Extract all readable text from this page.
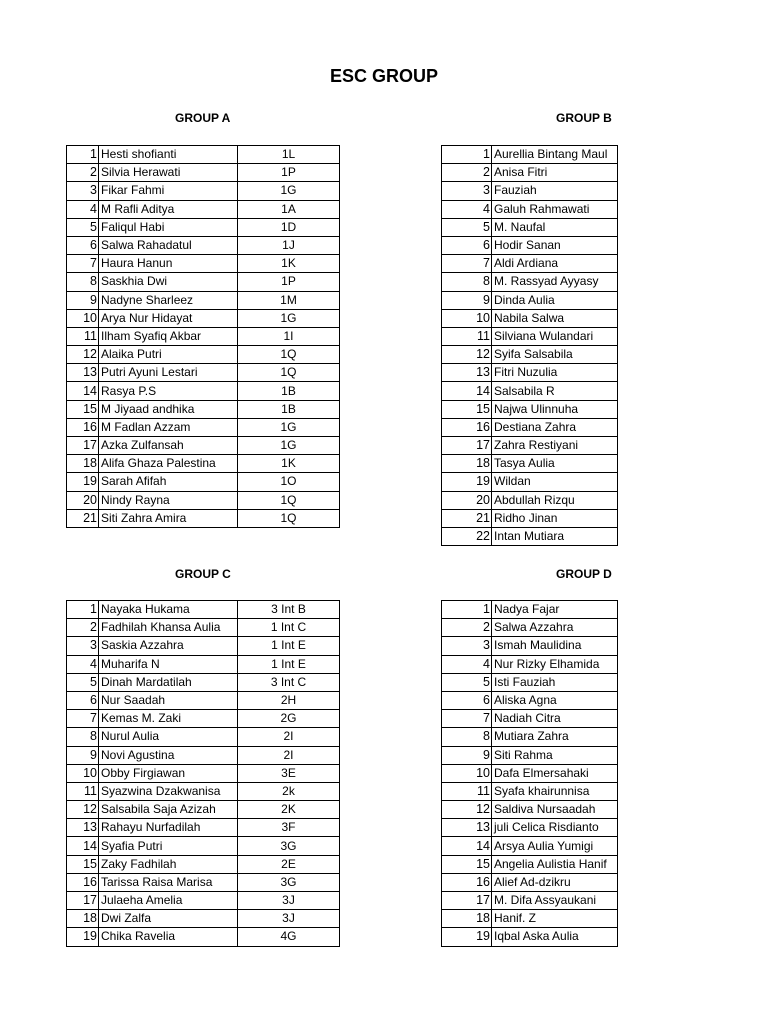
ESC GROUP
GROUP A	GROUP B
GROUP C	GROUP D
1	Hesti shofianti	1L
2	Silvia Herawati	1P
3	Fikar Fahmi	1G
4	M Rafli Aditya	1A
5	Faliqul Habi	1D
6	Salwa Rahadatul	1J
7	Haura Hanun	1K
8	Saskhia Dwi	1P
9	Nadyne Sharleez	1M
10	Arya Nur Hidayat	1G
11	Ilham Syafiq Akbar	1I
12	Alaika Putri	1Q
13	Putri Ayuni Lestari	1Q
14	Rasya P.S	1B
15	M Jiyaad andhika	1B
16	M Fadlan Azzam	1G
17	Azka Zulfansah	1G
18	Alifa Ghaza Palestina	1K
19	Sarah Afifah	1O
20	Nindy Rayna	1Q
21	Siti Zahra Amira	1Q

1	Aurellia Bintang Maul
2	Anisa Fitri
3	Fauziah
4	Galuh Rahmawati
5	M. Naufal
6	Hodir Sanan
7	Aldi Ardiana
8	M. Rassyad Ayyasy
9	Dinda Aulia
10	Nabila Salwa
11	Silviana Wulandari
12	Syifa Salsabila
13	Fitri Nuzulia
14	Salsabila R
15	Najwa Ulinnuha
16	Destiana Zahra
17	Zahra Restiyani
18	Tasya Aulia
19	Wildan
20	Abdullah Rizqu
21	Ridho Jinan
22	Intan Mutiara
1	Nayaka Hukama	3 Int B
2	Fadhilah Khansa Aulia	1 Int C
3	Saskia Azzahra	1 Int E
4	Muharifa N	1 Int E
5	Dinah Mardatilah	3 Int C
6	Nur Saadah	2H
7	Kemas M. Zaki	2G
8	Nurul Aulia	2I
9	Novi Agustina	2I
10	Obby Firgiawan	3E
11	Syazwina Dzakwanisa	2k
12	Salsabila Saja Azizah	2K
13	Rahayu Nurfadilah	3F
14	Syafia Putri	3G
15	Zaky Fadhilah	2E
16	Tarissa Raisa Marisa	3G
17	Julaeha Amelia	3J
18	Dwi Zalfa	3J
19	Chika Ravelia	4G
1	Nadya Fajar
2	Salwa Azzahra
3	Ismah Maulidina
4	Nur Rizky Elhamida
5	Isti Fauziah
6	Aliska Agna
7	Nadiah Citra
8	Mutiara Zahra
9	Siti Rahma
10	Dafa Elmersahaki
11	Syafa khairunnisa
12	Saldiva Nursaadah
13	juli Celica Risdianto
14	Arsya Aulia Yumigi
15	Angelia Aulistia Hanif
16	Alief Ad-dzikru
17	M. Difa Assyaukani
18	Hanif. Z
19	Iqbal Aska Aulia
